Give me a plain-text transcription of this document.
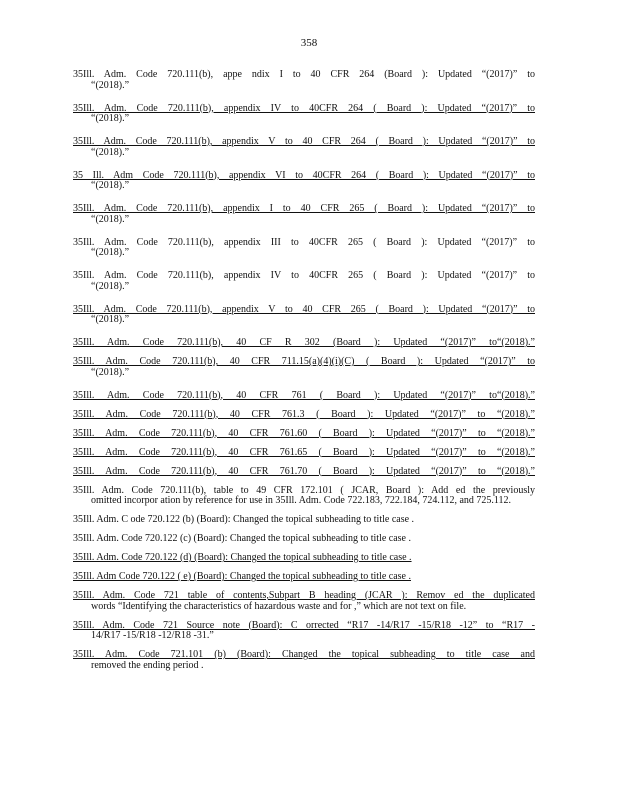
358
35Ill. Adm. Code 720.111(b), appe ndix I to 40 CFR 264 (Board ): Updated “(2017)” to
“(2018).”
35Ill. Adm. Code 720.111(b), appendix IV to 40CFR 264 ( Board ): Updated “(2017)” to
“(2018).”
35Ill. Adm. Code 720.111(b), appendix V to 40 CFR 264 ( Board ): Updated “(2017)” to
“(2018).”
35 Ill. Adm Code 720.111(b), appendix VI to 40CFR 264 ( Board ): Updated “(2017)” to
“(2018).”
35Ill. Adm. Code 720.111(b), appendix I to 40 CFR 265 ( Board ): Updated “(2017)” to
“(2018).”
35Ill. Adm. Code 720.111(b), appendix III to 40CFR 265 ( Board ): Updated “(2017)” to
“(2018).”
35Ill. Adm. Code 720.111(b), appendix IV to 40CFR 265 ( Board ): Updated “(2017)” to
“(2018).”
35Ill. Adm. Code 720.111(b), appendix V to 40 CFR 265 ( Board ): Updated “(2017)” to
“(2018).”
35Ill. Adm. Code 720.111(b), 40 CF R 302 (Board ): Updated “(2017)” to“(2018).”
35Ill. Adm. Code 720.111(b), 40 CFR 711.15(a)(4)(i)(C) ( Board ): Updated “(2017)” to
“(2018).”
35Ill. Adm. Code 720.111(b), 40 CFR 761 ( Board ): Updated “(2017)” to“(2018).”
35Ill. Adm. Code 720.111(b), 40 CFR 761.3 ( Board ): Updated “(2017)” to “(2018).”
35Ill. Adm. Code 720.111(b), 40 CFR 761.60 ( Board ): Updated “(2017)” to “(2018).”
35Ill. Adm. Code 720.111(b), 40 CFR 761.65 ( Board ): Updated “(2017)” to “(2018).”
35Ill. Adm. Code 720.111(b), 40 CFR 761.70 ( Board ): Updated “(2017)” to “(2018).”
35Ill. Adm. Code 720.111(b), table to 49 CFR 172.101 ( JCAR, Board ): Add ed the previously
omitted incorpor ation by reference for use in 35Ill. Adm. Code 722.183, 722.184, 724.112, and 725.112.
35Ill. Adm. C ode 720.122 (b) (Board): Changed the topical subheading to title case .
35Ill. Adm. Code 720.122 (c) (Board): Changed the topical subheading to title case .
35Ill. Adm. Code 720.122 (d) (Board): Changed the topical subheading to title case .
35Ill. Adm Code 720.122 ( e) (Board): Changed the topical subheading to title case .
35Ill. Adm. Code 721 table of contents,Subpart B heading (JCAR ): Remov ed the duplicated
words “Identifying the characteristics of hazardous waste and for ,” which are not text on file.
35Ill. Adm. Code 721 Source note (Board): C orrected “R17 -14/R17 -15/R18 -12” to “R17 -
14/R17 -15/R18 -12/R18 -31.”
35Ill. Adm. Code 721.101 (b) (Board): Changed the topical subheading to title case and
removed the ending period .
